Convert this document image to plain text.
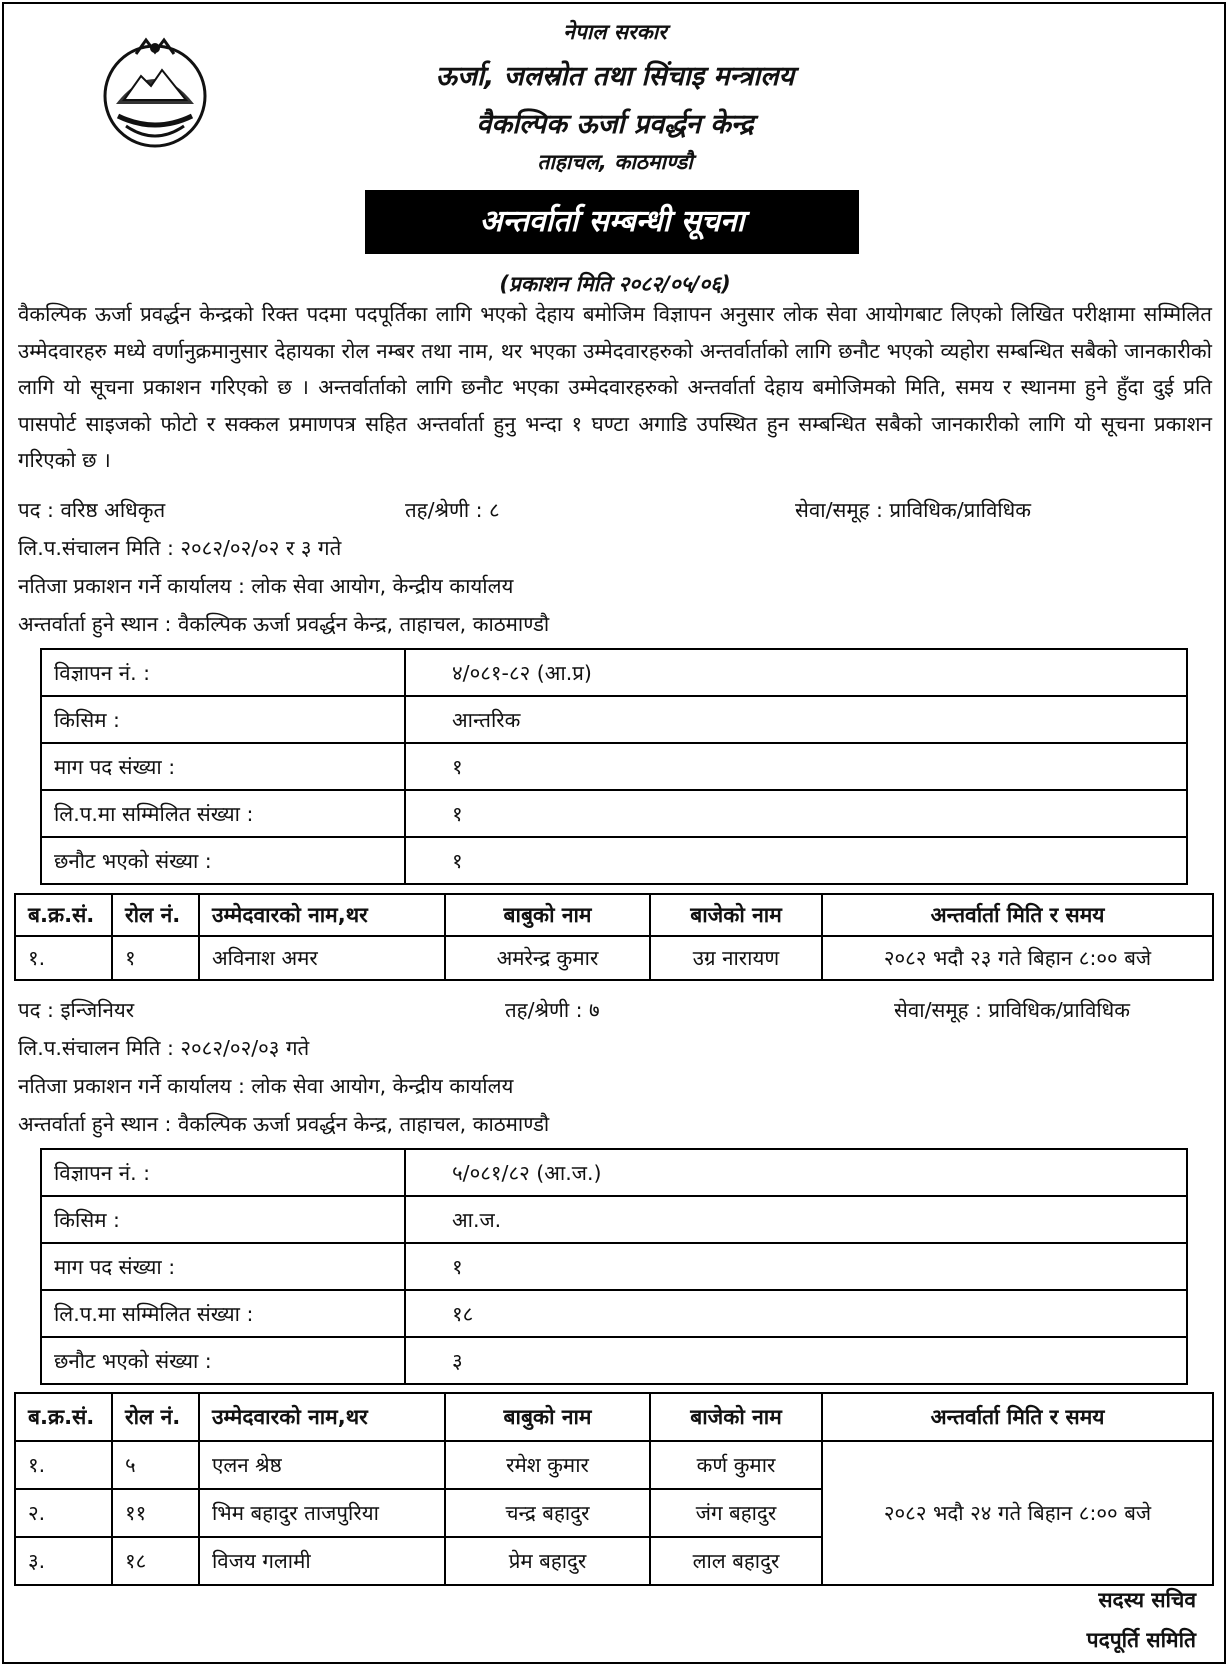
नेपाल सरकार
ऊर्जा, जलस्रोत तथा सिंचाइ मन्त्रालय
वैकल्पिक ऊर्जा प्रवर्द्धन केन्द्र
ताहाचल, काठमाण्डौ
अन्तर्वार्ता सम्बन्धी सूचना
(प्रकाशन मिति २०८२/०५/०६)
वैकल्पिक ऊर्जा प्रवर्द्धन केन्द्रको रिक्त पदमा पदपूर्तिका लागि भएको देहाय बमोजिम विज्ञापन अनुसार लोक सेवा आयोगबाट लिएको लिखित परीक्षामा सम्मिलित उम्मेदवारहरु मध्ये वर्णानुक्रमानुसार देहायका रोल नम्बर तथा नाम, थर भएका उम्मेदवारहरुको अन्तर्वार्ताको लागि छनौट भएको व्यहोरा सम्बन्धित सबैको जानकारीको लागि यो सूचना प्रकाशन गरिएको छ । अन्तर्वार्ताको लागि छनौट भएका उम्मेदवारहरुको अन्तर्वार्ता देहाय बमोजिमको मिति, समय र स्थानमा हुने हुँदा दुई प्रति पासपोर्ट साइजको फोटो र सक्कल प्रमाणपत्र सहित अन्तर्वार्ता हुनु भन्दा १ घण्टा अगाडि उपस्थित हुन सम्बन्धित सबैको जानकारीको लागि यो सूचना प्रकाशन गरिएको छ ।
पद : वरिष्ठ अधिकृत	तह/श्रेणी : ८	सेवा/समूह : प्राविधिक/प्राविधिक
लि.प.संचालन मिति : २०८२/०२/०२ र ३ गते
नतिजा प्रकाशन गर्ने कार्यालय : लोक सेवा आयोग, केन्द्रीय कार्यालय
अन्तर्वार्ता हुने स्थान : वैकल्पिक ऊर्जा प्रवर्द्धन केन्द्र, ताहाचल, काठमाण्डौ
विज्ञापन नं. :	४/०८१-८२ (आ.प्र)
किसिम :	आन्तरिक
माग पद संख्या :	१
लि.प.मा सम्मिलित संख्या :	१
छनौट भएको संख्या :	१
ब.क्र.सं.	रोल नं.	उम्मेदवारको नाम,थर	बाबुको नाम	बाजेको नाम	अन्तर्वार्ता मिति र समय
१.	१	अविनाश अमर	अमरेन्द्र कुमार	उग्र नारायण	२०८२ भदौ २३ गते बिहान ८:०० बजे
पद : इन्जिनियर	तह/श्रेणी : ७	सेवा/समूह : प्राविधिक/प्राविधिक
लि.प.संचालन मिति : २०८२/०२/०३ गते
नतिजा प्रकाशन गर्ने कार्यालय : लोक सेवा आयोग, केन्द्रीय कार्यालय
अन्तर्वार्ता हुने स्थान : वैकल्पिक ऊर्जा प्रवर्द्धन केन्द्र, ताहाचल, काठमाण्डौ
विज्ञापन नं. :	५/०८१/८२ (आ.ज.)
किसिम :	आ.ज.
माग पद संख्या :	१
लि.प.मा सम्मिलित संख्या :	१८
छनौट भएको संख्या :	३
ब.क्र.सं.	रोल नं.	उम्मेदवारको नाम,थर	बाबुको नाम	बाजेको नाम	अन्तर्वार्ता मिति र समय
१.	५	एलन श्रेष्ठ	रमेश कुमार	कर्ण कुमार	२०८२ भदौ २४ गते बिहान ८:०० बजे
२.	११	भिम बहादुर ताजपुरिया	चन्द्र बहादुर	जंग बहादुर	
३.	१८	विजय गलामी	प्रेम बहादुर	लाल बहादुर	
सदस्य सचिव
पदपूर्ति समिति
